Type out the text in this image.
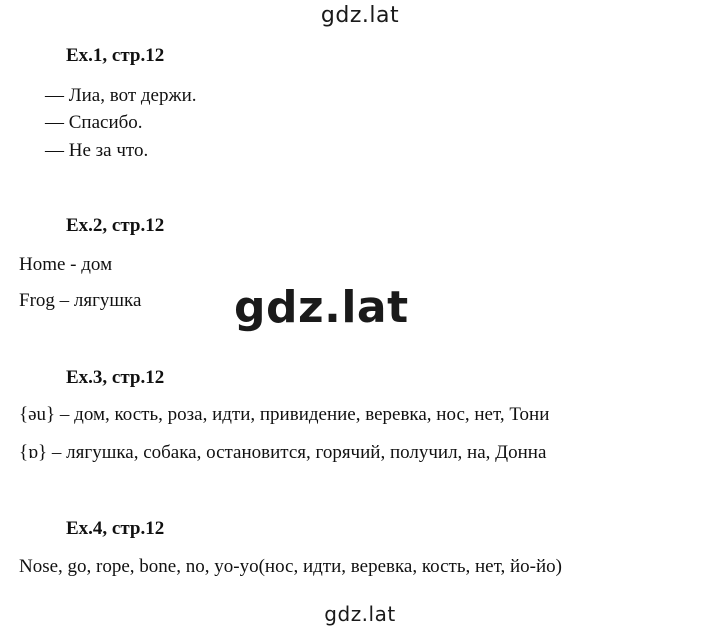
gdz.lat
Ex.1, стр.12
— Лиа, вот держи.
— Спасибо.
— Не за что.
Ex.2, стр.12
Home - дом
Frog – лягушка gdz.lat
Ex.3, стр.12
{əu} – дом, кость, роза, идти, привидение, веревка, нос, нет, Тони
{ɒ} – лягушка, собака, остановится, горячий, получил, на, Донна
Ex.4, стр.12
Nose, go, rope, bone, no, yo-yo(нос, идти, веревка, кость, нет, йо-йо)
gdz.lat
